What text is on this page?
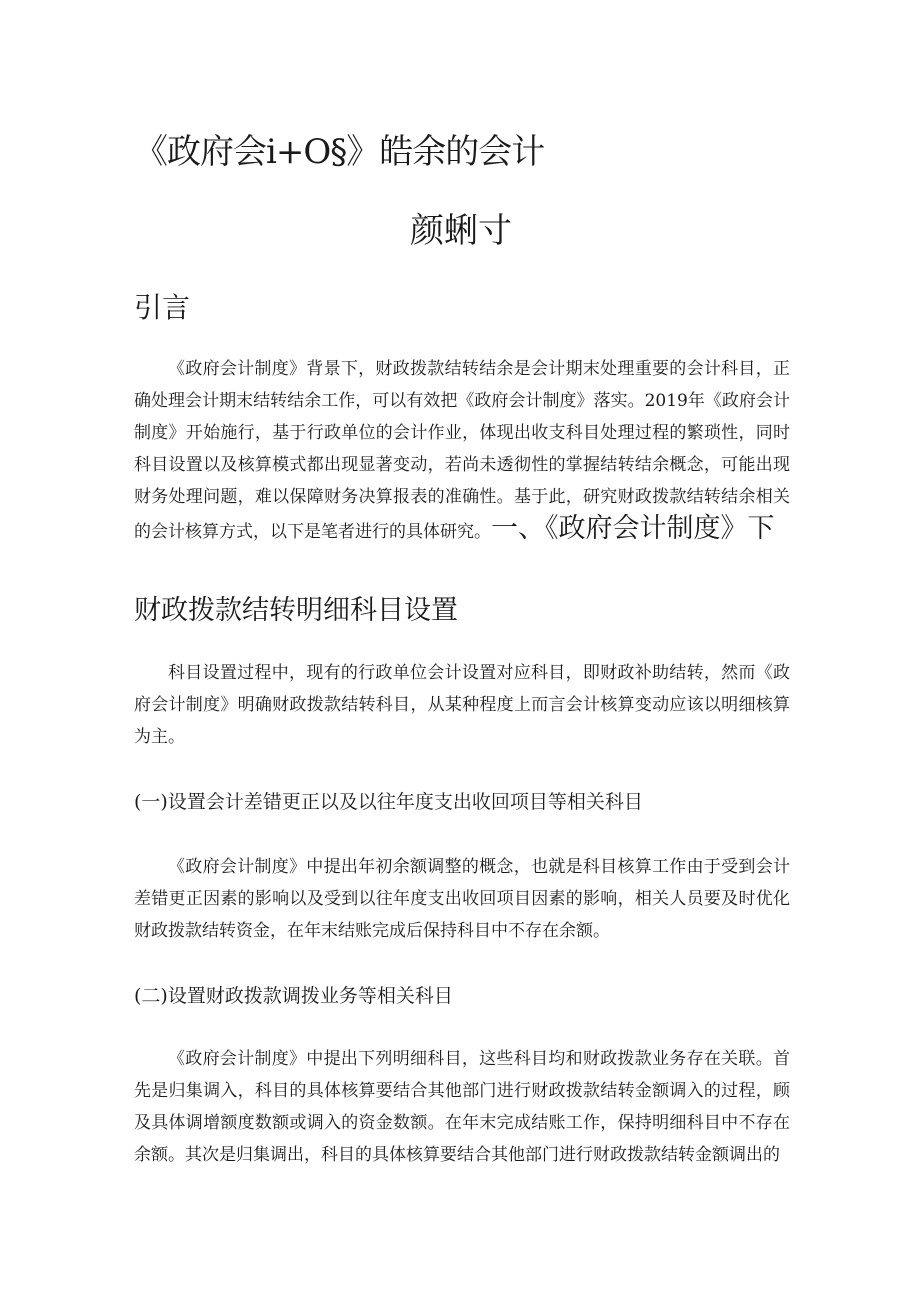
《政府会i+O§》皓余的会计
颜蜊寸
引言

《政府会计制度》背景下，财政拨款结转结余是会计期末处理重要的会计科目，正确处理会计期末结转结余工作，可以有效把《政府会计制度》落实。2019年《政府会计制度》开始施行，基于行政单位的会计作业，体现出收支科目处理过程的繁琐性，同时科目设置以及核算模式都出现显著变动，若尚未透彻性的掌握结转结余概念，可能出现财务处理问题，难以保障财务决算报表的准确性。基于此，研究财政拨款结转结余相关的会计核算方式，以下是笔者进行的具体研究。一、《政府会计制度》下

财政拨款结转明细科目设置

科目设置过程中，现有的行政单位会计设置对应科目，即财政补助结转，然而《政府会计制度》明确财政拨款结转科目，从某种程度上而言会计核算变动应该以明细核算为主。

(一)设置会计差错更正以及以往年度支出收回项目等相关科目

《政府会计制度》中提出年初余额调整的概念，也就是科目核算工作由于受到会计差错更正因素的影响以及受到以往年度支出收回项目因素的影响，相关人员要及时优化财政拨款结转资金，在年末结账完成后保持科目中不存在余额。

(二)设置财政拨款调拨业务等相关科目

《政府会计制度》中提出下列明细科目，这些科目均和财政拨款业务存在关联。首先是归集调入，科目的具体核算要结合其他部门进行财政拨款结转金额调入的过程，顾及具体调增额度数额或调入的资金数额。在年末完成结账工作，保持明细科目中不存在余额。其次是归集调出，科目的具体核算要结合其他部门进行财政拨款结转金额调出的
